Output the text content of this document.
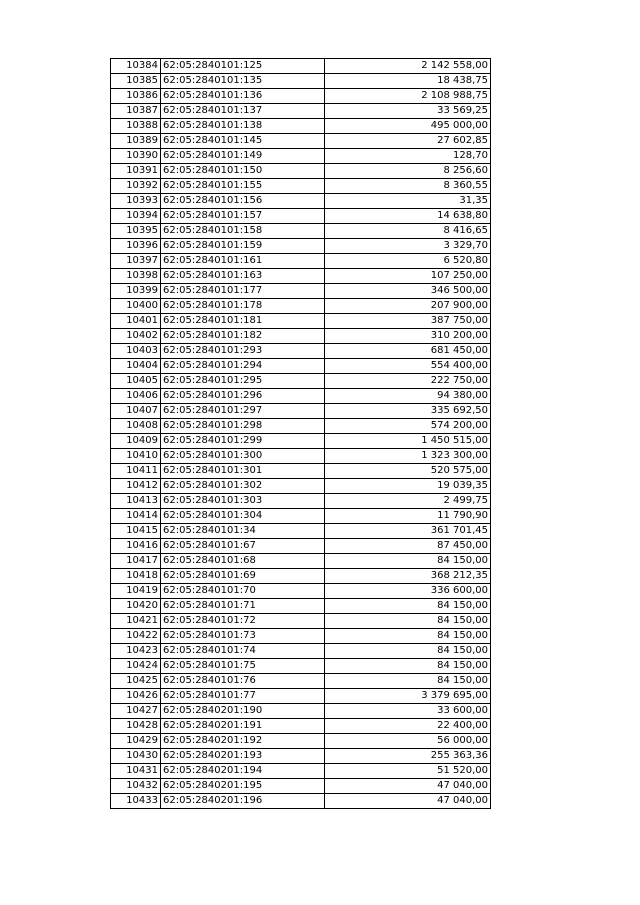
10384	62:05:2840101:125	2 142 558,00
10385	62:05:2840101:135	18 438,75
10386	62:05:2840101:136	2 108 988,75
10387	62:05:2840101:137	33 569,25
10388	62:05:2840101:138	495 000,00
10389	62:05:2840101:145	27 602,85
10390	62:05:2840101:149	128,70
10391	62:05:2840101:150	8 256,60
10392	62:05:2840101:155	8 360,55
10393	62:05:2840101:156	31,35
10394	62:05:2840101:157	14 638,80
10395	62:05:2840101:158	8 416,65
10396	62:05:2840101:159	3 329,70
10397	62:05:2840101:161	6 520,80
10398	62:05:2840101:163	107 250,00
10399	62:05:2840101:177	346 500,00
10400	62:05:2840101:178	207 900,00
10401	62:05:2840101:181	387 750,00
10402	62:05:2840101:182	310 200,00
10403	62:05:2840101:293	681 450,00
10404	62:05:2840101:294	554 400,00
10405	62:05:2840101:295	222 750,00
10406	62:05:2840101:296	94 380,00
10407	62:05:2840101:297	335 692,50
10408	62:05:2840101:298	574 200,00
10409	62:05:2840101:299	1 450 515,00
10410	62:05:2840101:300	1 323 300,00
10411	62:05:2840101:301	520 575,00
10412	62:05:2840101:302	19 039,35
10413	62:05:2840101:303	2 499,75
10414	62:05:2840101:304	11 790,90
10415	62:05:2840101:34	361 701,45
10416	62:05:2840101:67	87 450,00
10417	62:05:2840101:68	84 150,00
10418	62:05:2840101:69	368 212,35
10419	62:05:2840101:70	336 600,00
10420	62:05:2840101:71	84 150,00
10421	62:05:2840101:72	84 150,00
10422	62:05:2840101:73	84 150,00
10423	62:05:2840101:74	84 150,00
10424	62:05:2840101:75	84 150,00
10425	62:05:2840101:76	84 150,00
10426	62:05:2840101:77	3 379 695,00
10427	62:05:2840201:190	33 600,00
10428	62:05:2840201:191	22 400,00
10429	62:05:2840201:192	56 000,00
10430	62:05:2840201:193	255 363,36
10431	62:05:2840201:194	51 520,00
10432	62:05:2840201:195	47 040,00
10433	62:05:2840201:196	47 040,00
